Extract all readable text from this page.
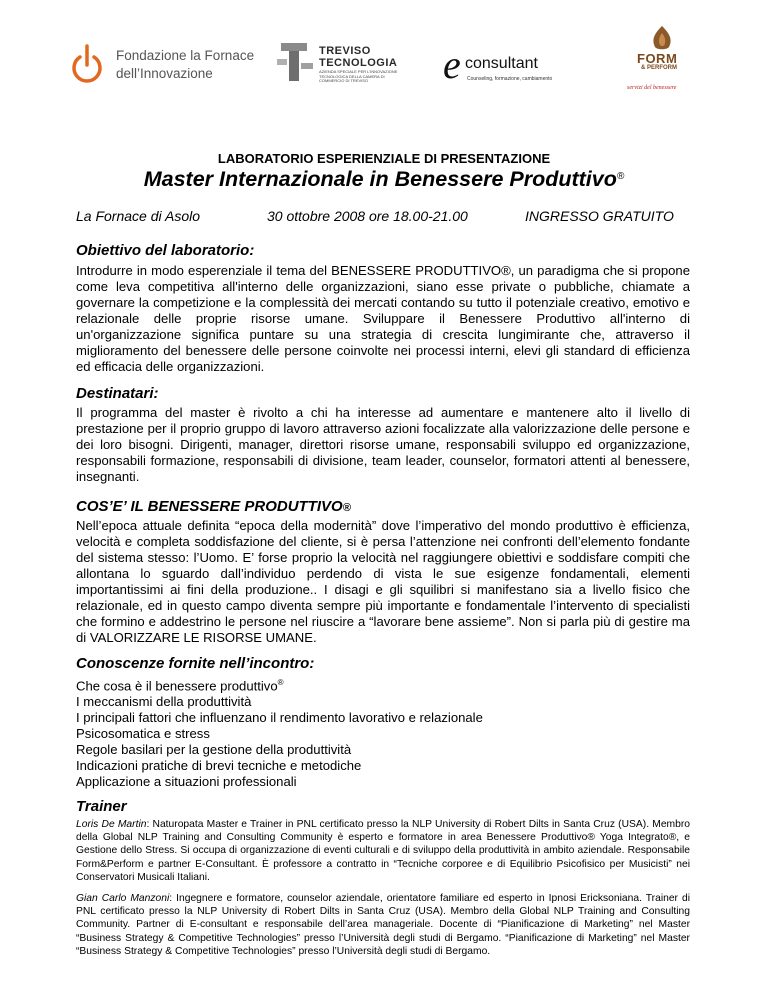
Fondazione la Fornace
dell’Innovazione
TREVISO
TECNOLOGIA
AZIENDA SPECIALE PER L’INNOVAZIONE TECNOLOGICA DELLA CAMERA DI COMMERCIO DI TREVISO	e consultant
Counseling, formazione, cambiamento
FORM
& PERFORM
servizi del benessere
LABORATORIO ESPERIENZIALE DI PRESENTAZIONE
Master Internazionale in Benessere Produttivo®
La Fornace di Asolo	30 ottobre 2008 ore 18.00-21.00	INGRESSO GRATUITO
Obiettivo del laboratorio:

Introdurre in modo esperenziale il tema del BENESSERE PRODUTTIVO®, un paradigma che si propone come leva competitiva all'interno delle organizzazioni, siano esse private o pubbliche, chiamate a governare la competizione e la complessità dei mercati contando su tutto il potenziale creativo, emotivo e relazionale delle proprie risorse umane. Sviluppare il Benessere Produttivo all'interno di un'organizzazione significa puntare su una strategia di crescita lungimirante che, attraverso il miglioramento del benessere delle persone coinvolte nei processi interni, elevi gli standard di efficienza ed efficacia delle organizzazioni.

Destinatari:

Il programma del master è rivolto a chi ha interesse ad aumentare e mantenere alto il livello di prestazione per il proprio gruppo di lavoro attraverso azioni focalizzate alla valorizzazione delle persone e dei loro bisogni. Dirigenti, manager, direttori risorse umane, responsabili sviluppo ed organizzazione, responsabili formazione, responsabili di divisione, team leader, counselor, formatori attenti al benessere, insegnanti.

COS’E’ IL BENESSERE PRODUTTIVO®

Nell’epoca attuale definita “epoca della modernità” dove l’imperativo del mondo produttivo è efficienza, velocità e completa soddisfazione del cliente, si è persa l’attenzione nei confronti dell’elemento fondante del sistema stesso: l’Uomo. E’ forse proprio la velocità nel raggiungere obiettivi e soddisfare compiti che allontana lo sguardo dall’individuo perdendo di vista le sue esigenze fondamentali, elementi importantissimi ai fini della produzione.. I disagi e gli squilibri si manifestano sia a livello fisico che relazionale, ed in questo campo diventa sempre più importante e fondamentale l’intervento di specialisti che formino e addestrino le persone nel riuscire a “lavorare bene assieme”. Non si parla più di gestire ma di VALORIZZARE LE RISORSE UMANE.

Conoscenze fornite nell’incontro:
Che cosa è il benessere produttivo®
I meccanismi della produttività
I principali fattori che influenzano il rendimento lavorativo e relazionale
Psicosomatica e stress
Regole basilari per la gestione della produttività
Indicazioni pratiche di brevi tecniche e metodiche
Applicazione a situazioni professionali
Trainer

Loris De Martin: Naturopata Master e Trainer in PNL certificato presso la NLP University di Robert Dilts in Santa Cruz (USA). Membro della Global NLP Training and Consulting Community è esperto e formatore in area Benessere Produttivo® Yoga Integrato®, e Gestione dello Stress. Si occupa di organizzazione di eventi culturali e di sviluppo della produttività in ambito aziendale. Responsabile Form&Perform e partner E-Consultant. È professore a contratto in “Tecniche corporee e di Equilibrio Psicofisico per Musicisti” nei Conservatori Musicali Italiani.

Gian Carlo Manzoni: Ingegnere e formatore, counselor aziendale, orientatore familiare ed esperto in Ipnosi Ericksoniana. Trainer di PNL certificato presso la NLP University di Robert Dilts in Santa Cruz (USA). Membro della Global NLP Training and Consulting Community. Partner di E-consultant e responsabile dell’area manageriale. Docente di “Pianificazione di Marketing” nel Master “Business Strategy & Competitive Technologies” presso l’Università degli studi di Bergamo. “Pianificazione di Marketing” nel Master “Business Strategy & Competitive Technologies” presso l’Università degli studi di Bergamo.
